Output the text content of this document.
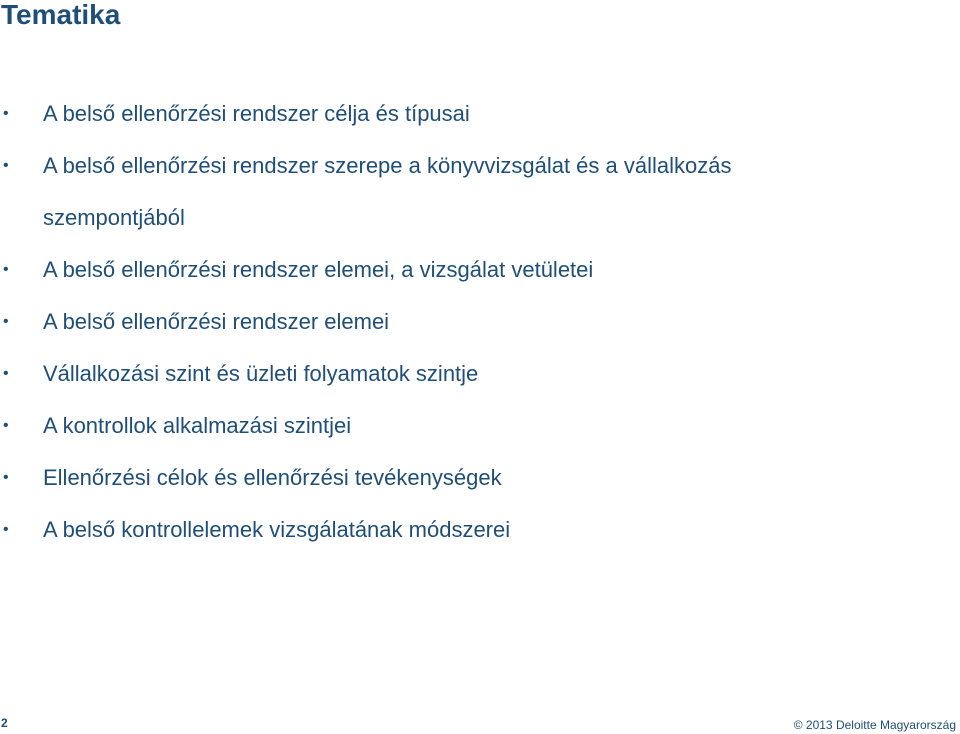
Tematika
•	A belső ellenőrzési rendszer célja és típusai
•	A belső ellenőrzési rendszer szerepe a könyvvizsgálat és a vállalkozás szempontjából
•	A belső ellenőrzési rendszer elemei, a vizsgálat vetületei
•	A belső ellenőrzési rendszer elemei
•	Vállalkozási szint és üzleti folyamatok szintje
•	A kontrollok alkalmazási szintjei
•	Ellenőrzési célok és ellenőrzési tevékenységek
•	A belső kontrollelemek vizsgálatának módszerei
2	© 2013 Deloitte Magyarország
